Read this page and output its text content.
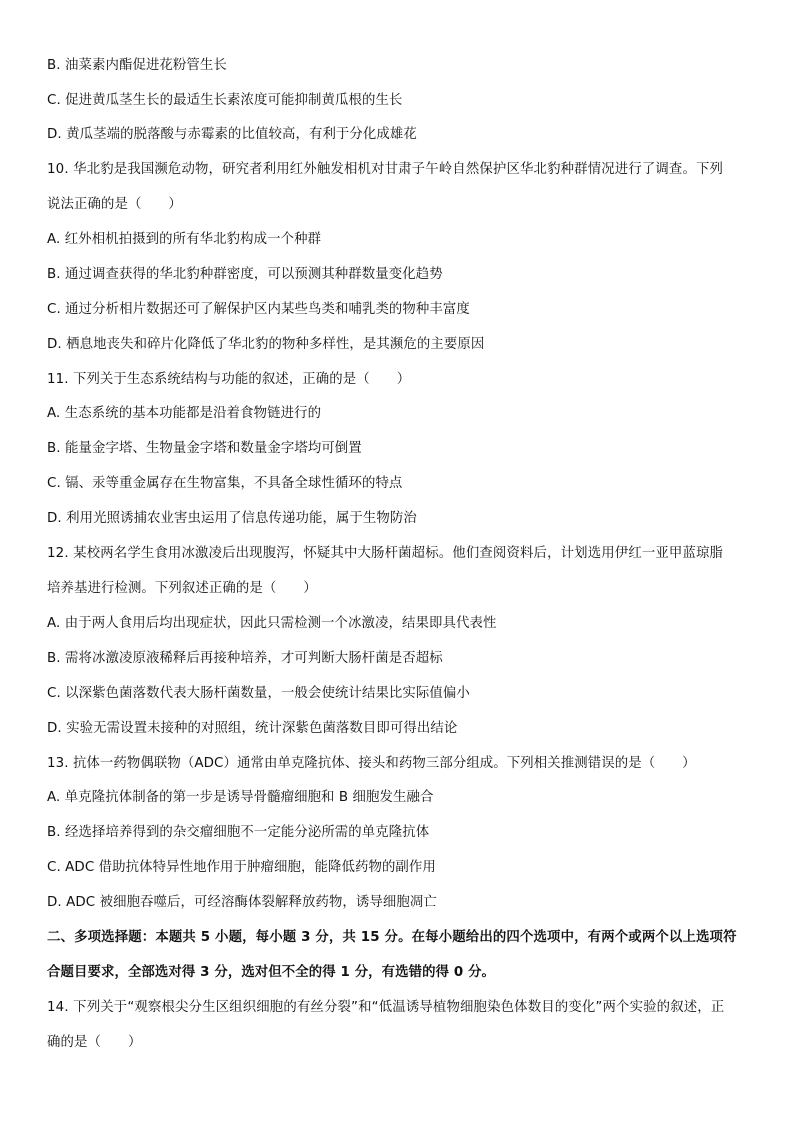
B. 油菜素内酯促进花粉管生长
C. 促进黄瓜茎生长的最适生长素浓度可能抑制黄瓜根的生长
D. 黄瓜茎端的脱落酸与赤霉素的比值较高，有利于分化成雄花
10. 华北豹是我国濒危动物，研究者利用红外触发相机对甘肃子午岭自然保护区华北豹种群情况进行了调查。下列
说法正确的是（　　）
A. 红外相机拍摄到的所有华北豹构成一个种群
B. 通过调查获得的华北豹种群密度，可以预测其种群数量变化趋势
C. 通过分析相片数据还可了解保护区内某些鸟类和哺乳类的物种丰富度
D. 栖息地丧失和碎片化降低了华北豹的物种多样性，是其濒危的主要原因
11. 下列关于生态系统结构与功能的叙述，正确的是（　　）
A. 生态系统的基本功能都是沿着食物链进行的
B. 能量金字塔、生物量金字塔和数量金字塔均可倒置
C. 镉、汞等重金属存在生物富集，不具备全球性循环的特点
D. 利用光照诱捕农业害虫运用了信息传递功能，属于生物防治
12. 某校两名学生食用冰激凌后出现腹泻，怀疑其中大肠杆菌超标。他们查阅资料后，计划选用伊红一亚甲蓝琼脂
培养基进行检测。下列叙述正确的是（　　）
A. 由于两人食用后均出现症状，因此只需检测一个冰激凌，结果即具代表性
B. 需将冰激凌原液稀释后再接种培养，才可判断大肠杆菌是否超标
C. 以深紫色菌落数代表大肠杆菌数量，一般会使统计结果比实际值偏小
D. 实验无需设置未接种的对照组，统计深紫色菌落数目即可得出结论
13. 抗体一药物偶联物（ADC）通常由单克隆抗体、接头和药物三部分组成。下列相关推测错误的是（　　）
A. 单克隆抗体制备的第一步是诱导骨髓瘤细胞和 B 细胞发生融合
B. 经选择培养得到的杂交瘤细胞不一定能分泌所需的单克隆抗体
C. ADC 借助抗体特异性地作用于肿瘤细胞，能降低药物的副作用
D. ADC 被细胞吞噬后，可经溶酶体裂解释放药物，诱导细胞凋亡
二、多项选择题：本题共 5 小题，每小题 3 分，共 15 分。在每小题给出的四个选项中，有两个或两个以上选项符
合题目要求，全部选对得 3 分，选对但不全的得 1 分，有选错的得 0 分。
14. 下列关于“观察根尖分生区组织细胞的有丝分裂”和“低温诱导植物细胞染色体数目的变化”两个实验的叙述，正
确的是（　　）
